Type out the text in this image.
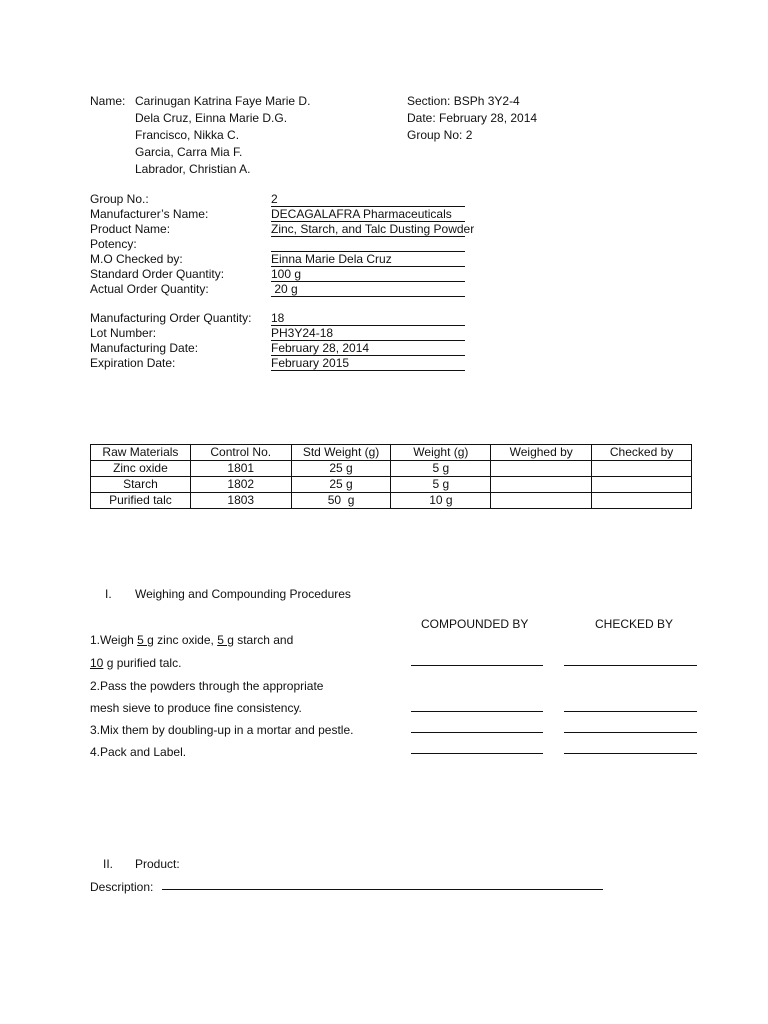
Name: Carinugan Katrina Faye Marie D.
Dela Cruz, Einna Marie D.G.
Francisco, Nikka C.
Garcia, Carra Mia F.
Labrador, Christian A.
Section: BSPh 3Y2-4
Date: February 28, 2014
Group No: 2
Group No.:	2
Manufacturer’s Name:	DECAGALAFRA Pharmaceuticals
Product Name:	Zinc, Starch, and Talc Dusting Powder
Potency:
M.O Checked by:	Einna Marie Dela Cruz
Standard Order Quantity:	100 g
Actual Order Quantity:	20 g
Manufacturing Order Quantity: 18
Lot Number:	PH3Y24-18
Manufacturing Date:	February 28, 2014
Expiration Date:	February 2015
Raw Materials	Control No.	Std Weight (g)	Weight (g)	Weighed by	Checked by
Zinc oxide	1801	25 g	5 g		
Starch	1802	25 g	5 g		
Purified talc	1803	50  g	10 g		
I. Weighing and Compounding Procedures
COMPOUNDED BY	CHECKED BY
1.Weigh 5 g zinc oxide, 5 g starch and
10 g purified talc.
2.Pass the powders through the appropriate
mesh sieve to produce fine consistency.
3.Mix them by doubling-up in a mortar and pestle.
4.Pack and Label.
II. Product:
Description:
